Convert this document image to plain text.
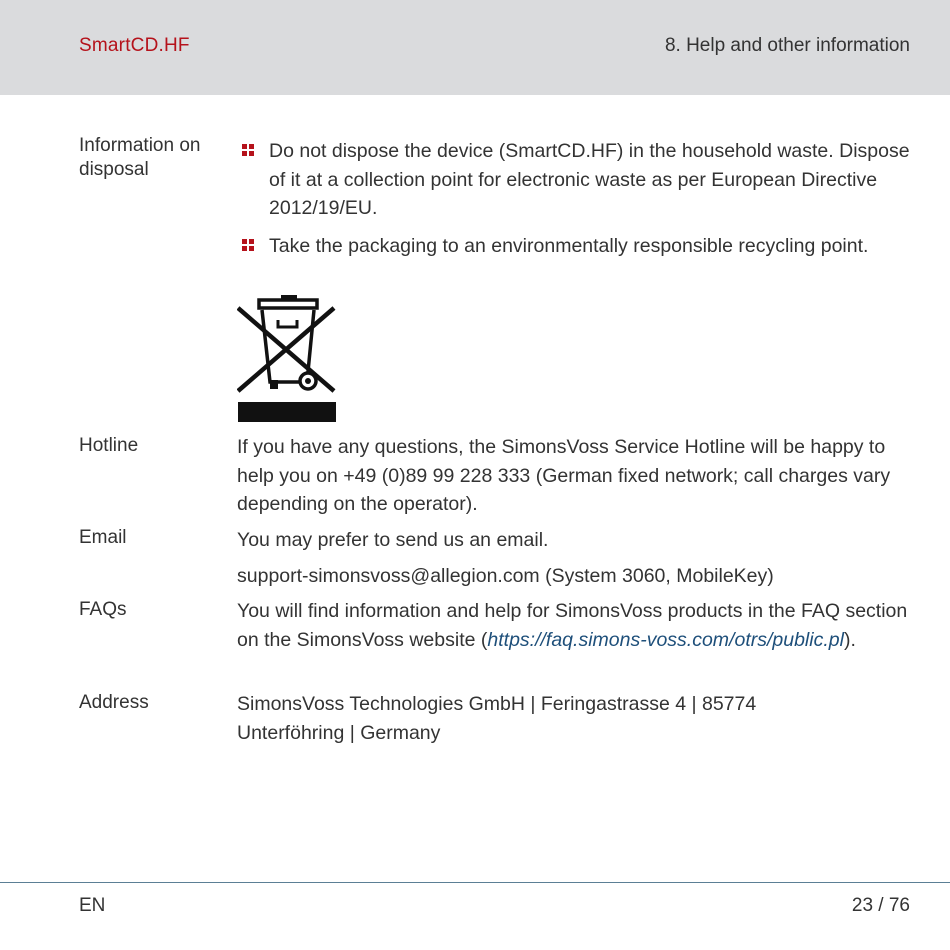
SmartCD.HF	8. Help and other information
Information on disposal
Do not dispose the device (SmartCD.HF) in the household waste. Dispose of it at a collection point for electronic waste as per European Directive 2012/19/EU.
Take the packaging to an environmentally responsible recycling point.
Hotline	If you have any questions, the SimonsVoss Service Hotline will be happy to help you on +49 (0)89 99 228 333 (German fixed network; call charges vary depending on the operator).
Email	You may prefer to send us an email.
support-simonsvoss@allegion.com (System 3060, MobileKey)
FAQs	You will find information and help for SimonsVoss products in the FAQ section on the SimonsVoss website (https://faq.simons-voss.com/otrs/public.pl).
Address	SimonsVoss Technologies GmbH | Feringastrasse 4 | 85774 Unterföhring | Germany
EN	23 / 76
